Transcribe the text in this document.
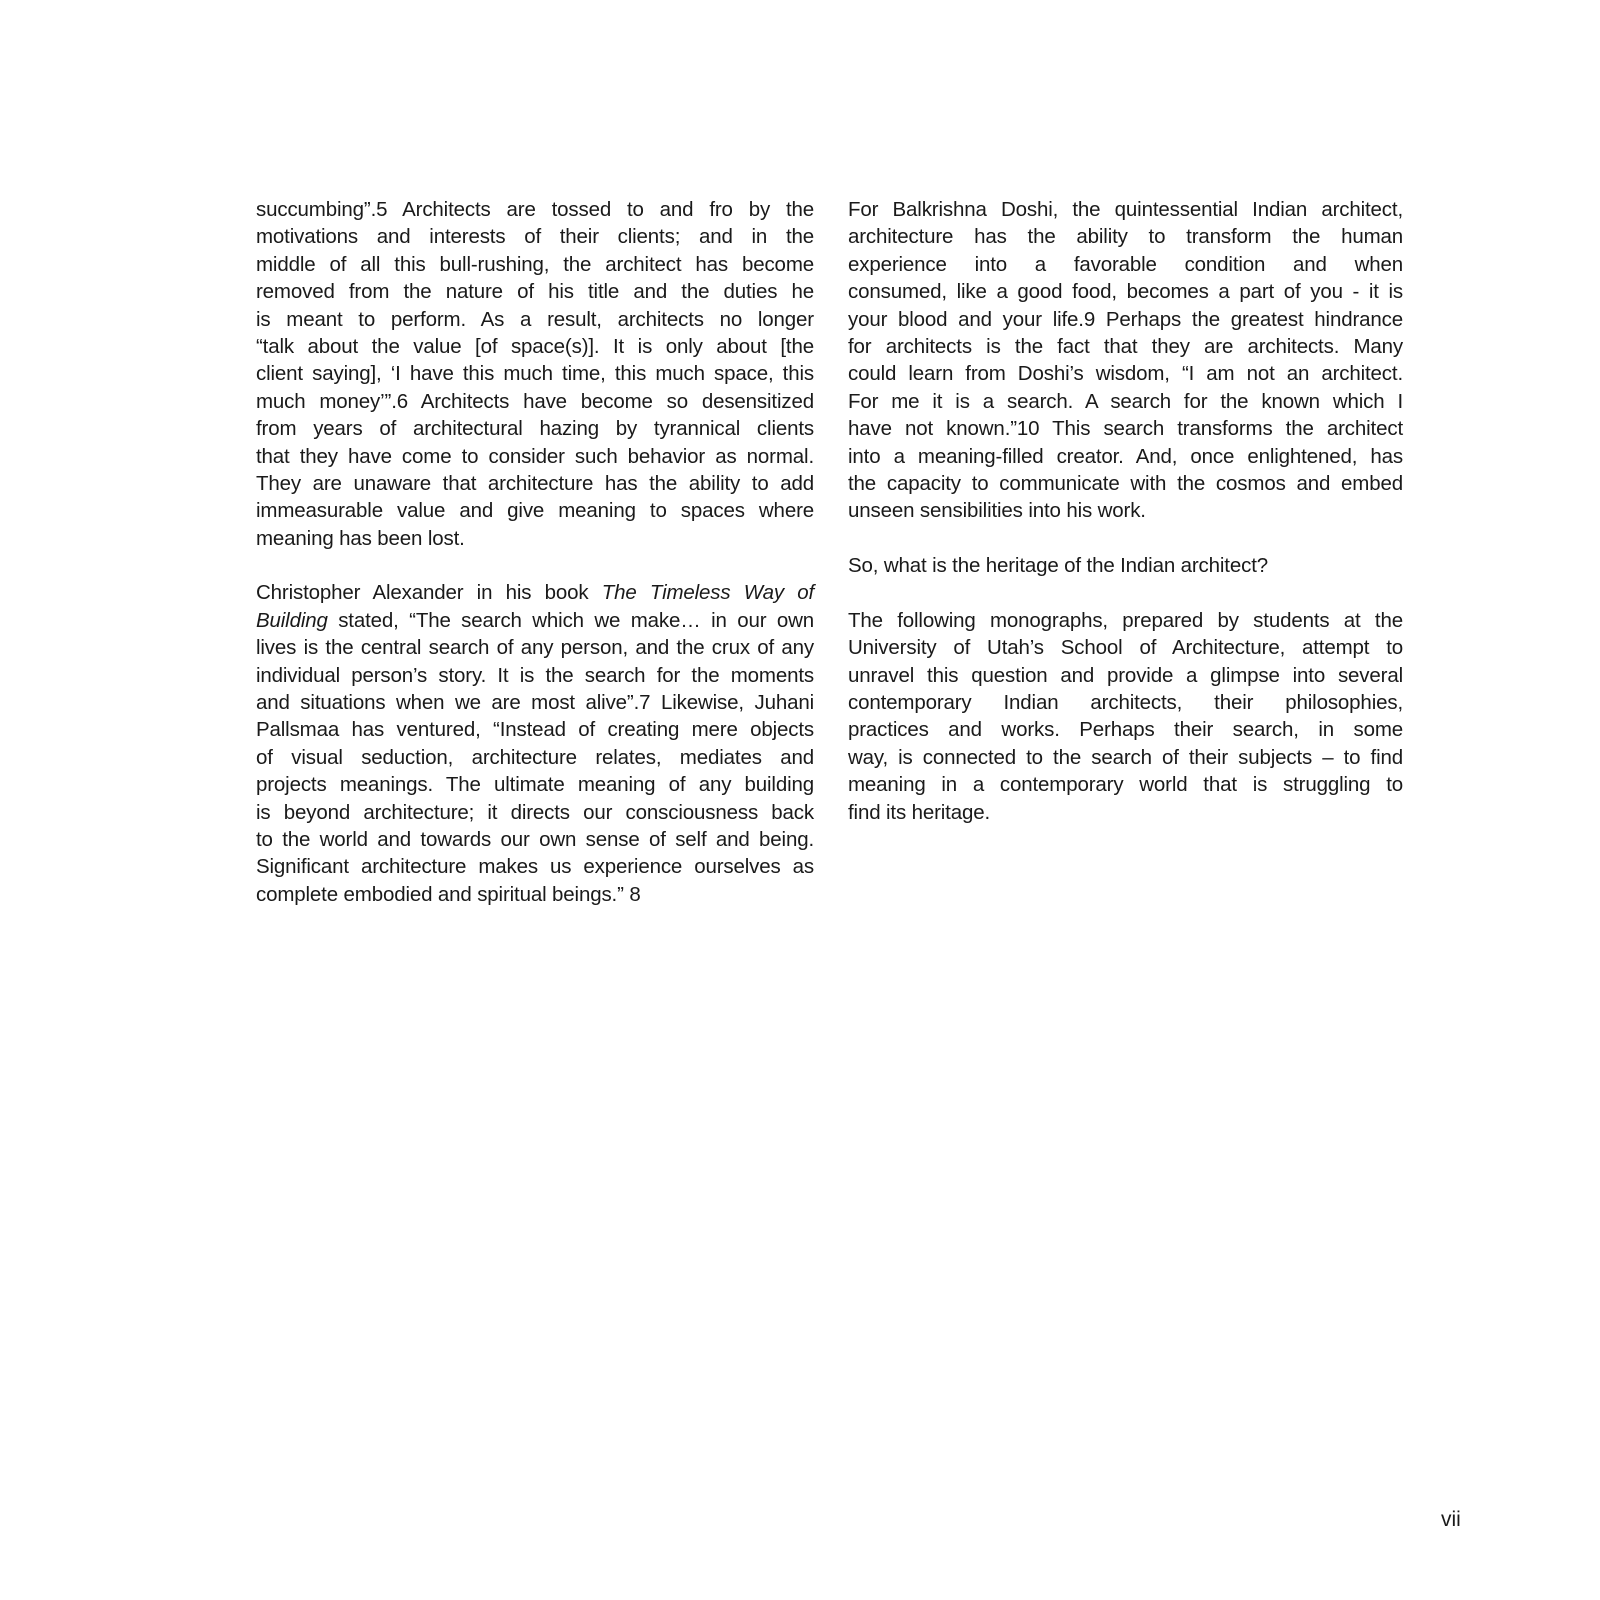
succumbing”.5 Architects are tossed to and fro by the
motivations and interests of their clients; and in the
middle of all this bull-rushing, the architect has become
removed from the nature of his title and the duties he
is meant to perform. As a result, architects no longer
“talk about the value [of space(s)]. It is only about [the
client saying], ‘I have this much time, this much space, this
much money’”.6 Architects have become so desensitized
from years of architectural hazing by tyrannical clients
that they have come to consider such behavior as normal.
They are unaware that architecture has the ability to add
immeasurable value and give meaning to spaces where
meaning has been lost.
Christopher Alexander in his book The Timeless Way of
Building stated, “The search which we make… in our own
lives is the central search of any person, and the crux of any
individual person’s story. It is the search for the moments
and situations when we are most alive”.7 Likewise, Juhani
Pallsmaa has ventured, “Instead of creating mere objects
of visual seduction, architecture relates, mediates and
projects meanings. The ultimate meaning of any building
is beyond architecture; it directs our consciousness back
to the world and towards our own sense of self and being.
Significant architecture makes us experience ourselves as
complete embodied and spiritual beings.” 8
For Balkrishna Doshi, the quintessential Indian architect,
architecture has the ability to transform the human
experience into a favorable condition and when
consumed, like a good food, becomes a part of you - it is
your blood and your life.9 Perhaps the greatest hindrance
for architects is the fact that they are architects. Many
could learn from Doshi’s wisdom, “I am not an architect.
For me it is a search. A search for the known which I
have not known.”10 This search transforms the architect
into a meaning-filled creator. And, once enlightened, has
the capacity to communicate with the cosmos and embed
unseen sensibilities into his work.
So, what is the heritage of the Indian architect?
The following monographs, prepared by students at the
University of Utah’s School of Architecture, attempt to
unravel this question and provide a glimpse into several
contemporary Indian architects, their philosophies,
practices and works. Perhaps their search, in some
way, is connected to the search of their subjects – to find
meaning in a contemporary world that is struggling to
find its heritage.
vii
